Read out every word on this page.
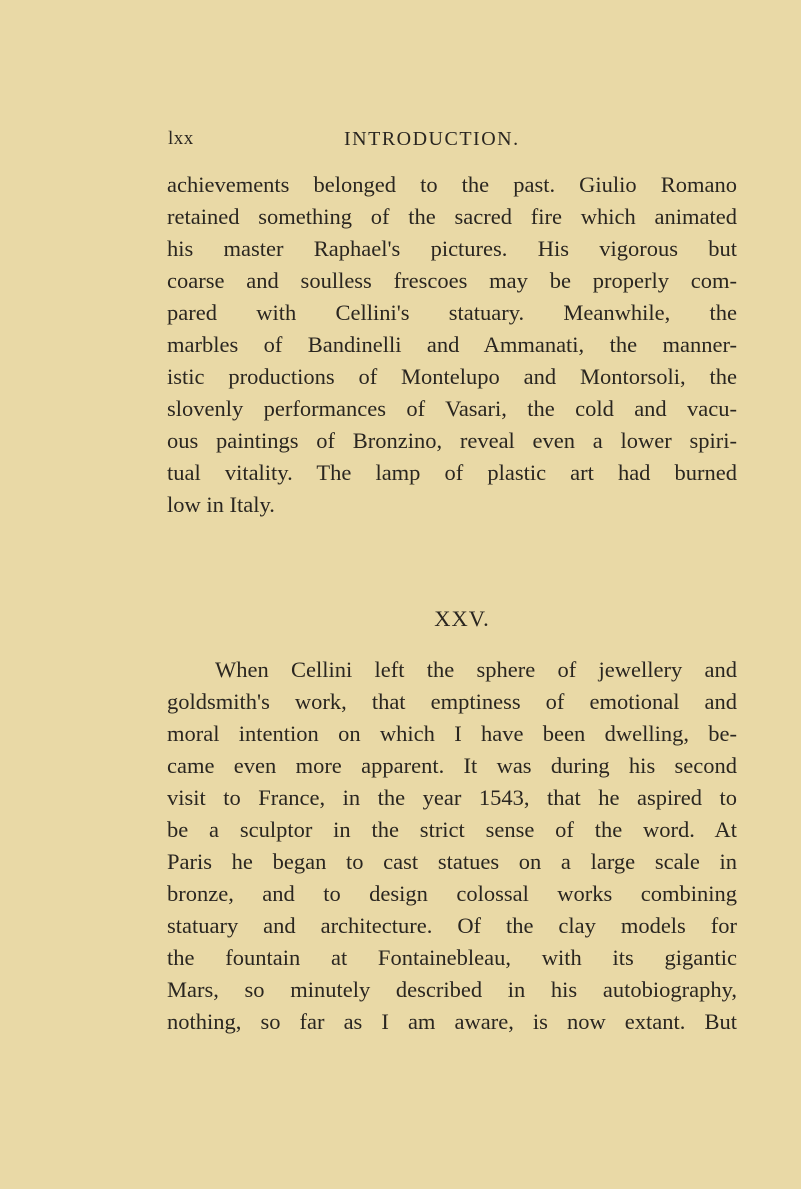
lxx	INTRODUCTION.
achievements belonged to the past. Giulio Romano
retained something of the sacred fire which animated
his master Raphael's pictures. His vigorous but
coarse and soulless frescoes may be properly com-
pared with Cellini's statuary. Meanwhile, the
marbles of Bandinelli and Ammanati, the manner-
istic productions of Montelupo and Montorsoli, the
slovenly performances of Vasari, the cold and vacu-
ous paintings of Bronzino, reveal even a lower spiri-
tual vitality. The lamp of plastic art had burned
low in Italy.
XXV.
When Cellini left the sphere of jewellery and
goldsmith's work, that emptiness of emotional and
moral intention on which I have been dwelling, be-
came even more apparent. It was during his second
visit to France, in the year 1543, that he aspired to
be a sculptor in the strict sense of the word. At
Paris he began to cast statues on a large scale in
bronze, and to design colossal works combining
statuary and architecture. Of the clay models for
the fountain at Fontainebleau, with its gigantic
Mars, so minutely described in his autobiography,
nothing, so far as I am aware, is now extant. But
